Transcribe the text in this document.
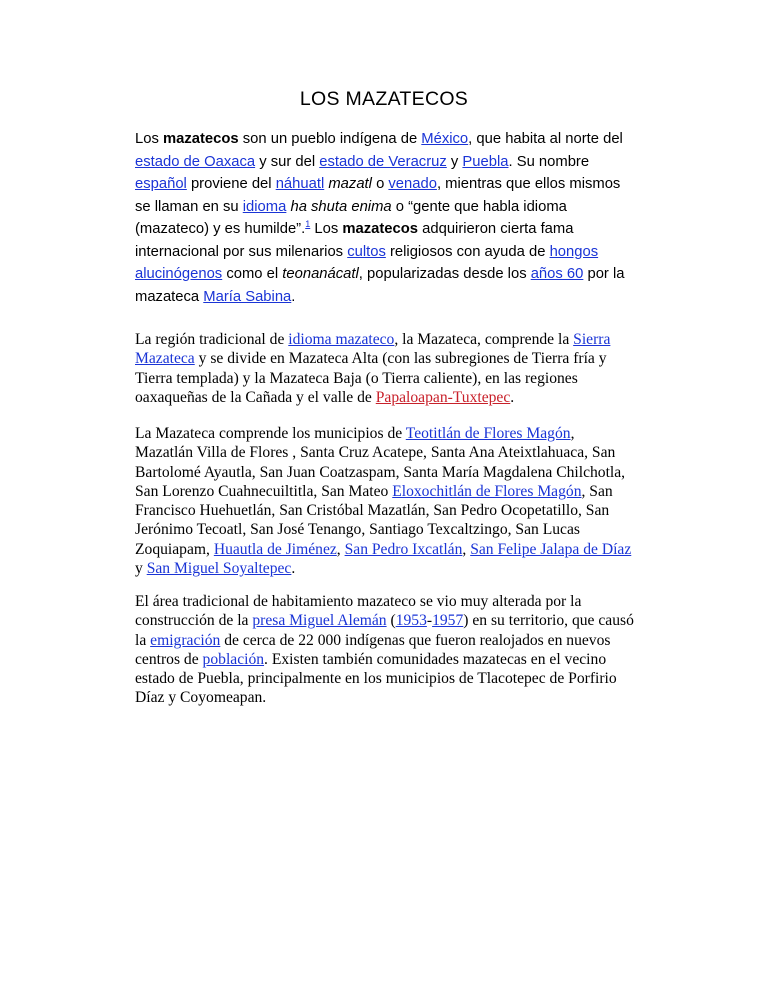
LOS MAZATECOS

Los mazatecos son un pueblo indígena de México, que habita al norte del estado de Oaxaca y sur del estado de Veracruz y Puebla. Su nombre español proviene del náhuatl mazatl o venado, mientras que ellos mismos se llaman en su idioma ha shuta enima o “gente que habla idioma (mazateco) y es humilde”.$^1$ Los mazatecos adquirieron cierta fama internacional por sus milenarios cultos religiosos con ayuda de hongos alucinógenos como el teonanácatl, popularizadas desde los años 60 por la mazateca María Sabina.

La región tradicional de idioma mazateco, la Mazateca, comprende la Sierra Mazateca y se divide en Mazateca Alta (con las subregiones de Tierra fría y Tierra templada) y la Mazateca Baja (o Tierra caliente), en las regiones oaxaqueñas de la Cañada y el valle de Papaloapan-Tuxtepec.

La Mazateca comprende los municipios de Teotitlán de Flores Magón, Mazatlán Villa de Flores , Santa Cruz Acatepe, Santa Ana Ateixtlahuaca, San Bartolomé Ayautla, San Juan Coatzaspam, Santa María Magdalena Chilchotla, San Lorenzo Cuahnecuiltitla, San Mateo Eloxochitlán de Flores Magón, San Francisco Huehuetlán, San Cristóbal Mazatlán, San Pedro Ocopetatillo, San Jerónimo Tecoatl, San José Tenango, Santiago Texcaltzingo, San Lucas Zoquiapam, Huautla de Jiménez, San Pedro Ixcatlán, San Felipe Jalapa de Díaz y San Miguel Soyaltepec.

El área tradicional de habitamiento mazateco se vio muy alterada por la construcción de la presa Miguel Alemán (1953-1957) en su territorio, que causó la emigración de cerca de 22 000 indígenas que fueron realojados en nuevos centros de población. Existen también comunidades mazatecas en el vecino estado de Puebla, principalmente en los municipios de Tlacotepec de Porfirio Díaz y Coyomeapan.
